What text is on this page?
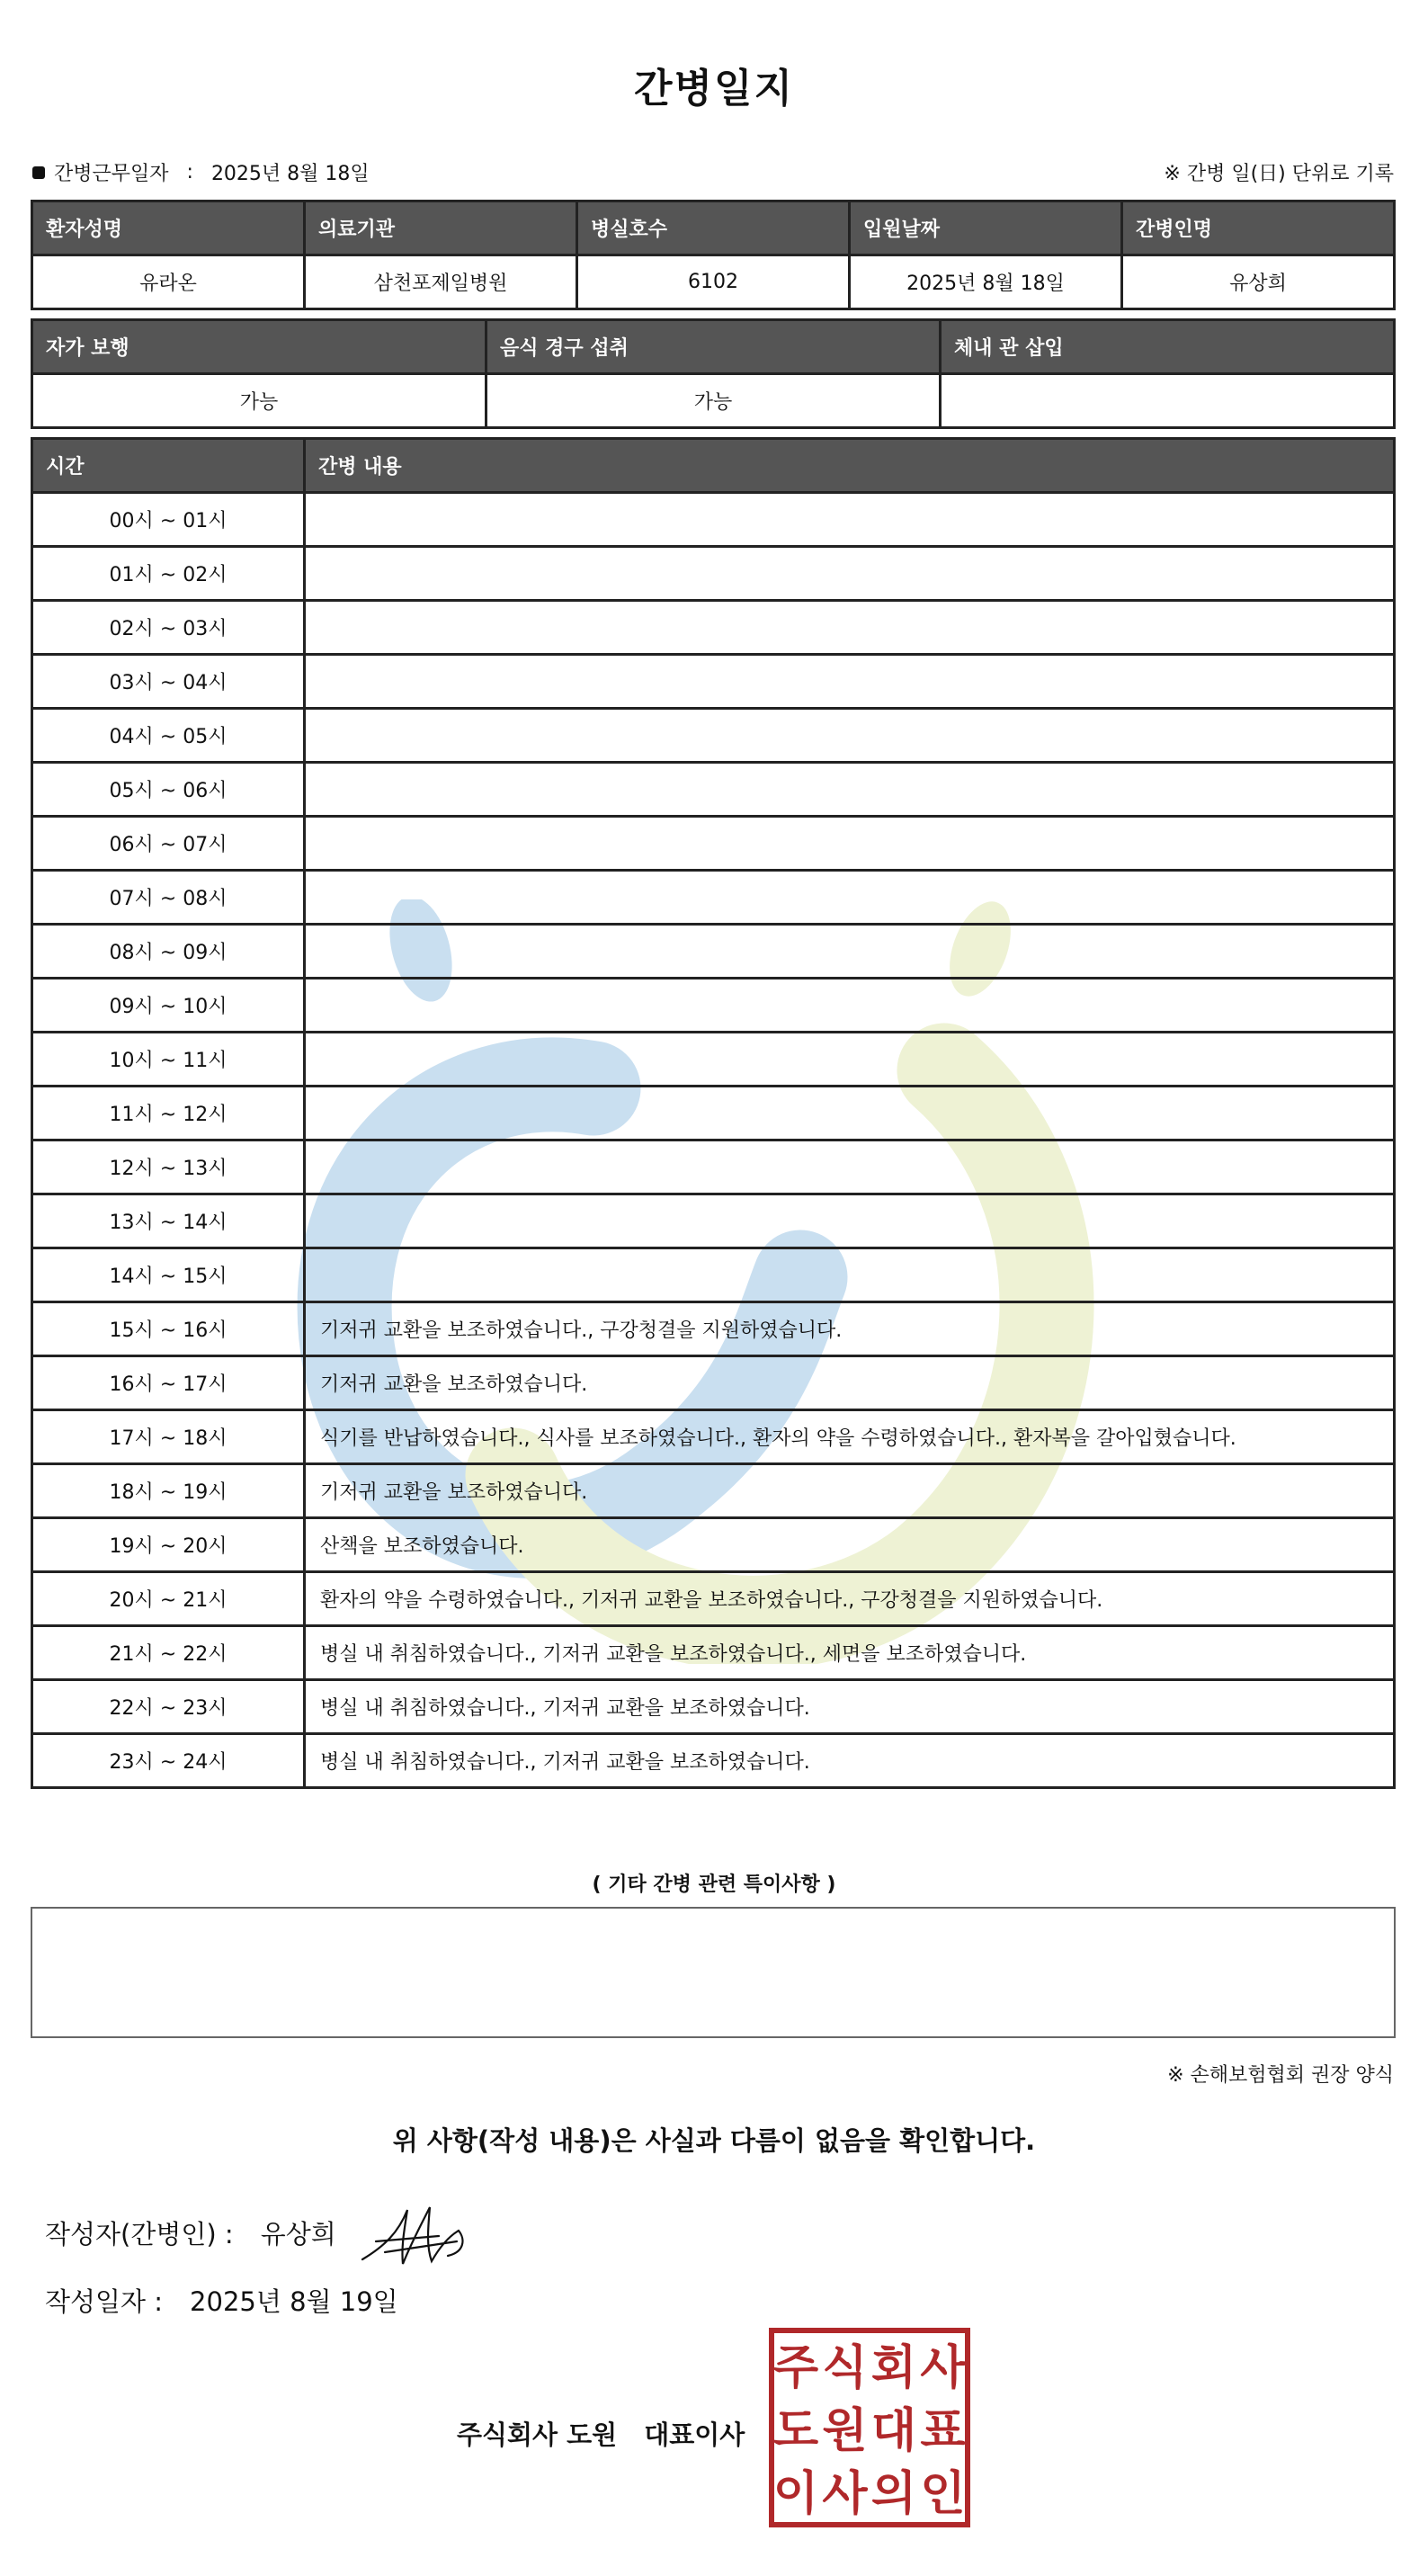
간병일지
간병근무일자 : 2025년 8월 18일	※ 간병 일(日) 단위로 기록
환자성명	의료기관	병실호수	입원날짜	간병인명
유라온	삼천포제일병원	6102	2025년 8월 18일	유상희
자가 보행	음식 경구 섭취	체내 관 삽입
가능	가능	
시간	간병 내용
00시 ~ 01시	
01시 ~ 02시	
02시 ~ 03시	
03시 ~ 04시	
04시 ~ 05시	
05시 ~ 06시	
06시 ~ 07시	
07시 ~ 08시	
08시 ~ 09시	
09시 ~ 10시	
10시 ~ 11시	
11시 ~ 12시	
12시 ~ 13시	
13시 ~ 14시	
14시 ~ 15시	
15시 ~ 16시	기저귀 교환을 보조하였습니다., 구강청결을 지원하였습니다.
16시 ~ 17시	기저귀 교환을 보조하였습니다.
17시 ~ 18시	식기를 반납하였습니다., 식사를 보조하였습니다., 환자의 약을 수령하였습니다., 환자복을 갈아입혔습니다.
18시 ~ 19시	기저귀 교환을 보조하였습니다.
19시 ~ 20시	산책을 보조하였습니다.
20시 ~ 21시	환자의 약을 수령하였습니다., 기저귀 교환을 보조하였습니다., 구강청결을 지원하였습니다.
21시 ~ 22시	병실 내 취침하였습니다., 기저귀 교환을 보조하였습니다., 세면을 보조하였습니다.
22시 ~ 23시	병실 내 취침하였습니다., 기저귀 교환을 보조하였습니다.
23시 ~ 24시	병실 내 취침하였습니다., 기저귀 교환을 보조하였습니다.
( 기타 간병 관련 특이사항 )
※ 손해보험협회 권장 양식
위 사항(작성 내용)은 사실과 다름이 없음을 확인합니다.
작성자(간병인) : 유상희
작성일자 : 2025년 8월 19일
주식회사 도원 대표이사
주 식 회 사
도 원 대 표
이 사 의 인
